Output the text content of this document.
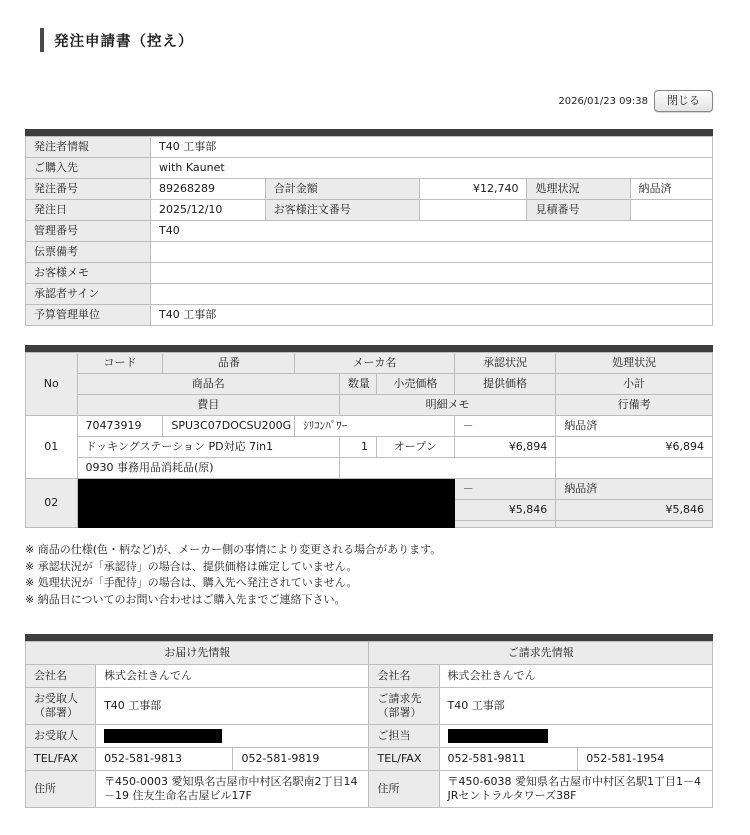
発注申請書（控え）
2026/01/23 09:38	閉じる
発注者情報	T40 工事部				
ご購入先	with Kaunet				
発注番号	89268289	合計金額	¥12,740	処理状況	納品済
発注日	2025/12/10	お客様注文番号		見積番号	
管理番号	T40				
伝票備考					
お客様メモ					
承認者サイン					
予算管理単位	T40 工事部				
No	コード	品番	メーカ名			承認状況	処理状況
	商品名			数量	小売価格	提供価格	小計
	費目			明細メモ			行備考
01	70473919	SPU3C07DOCSU200G	ｼﾘｺﾝﾊﾟﾜｰ			－	納品済
	ドッキングステーション PD対応 7in1			1	オープン	¥6,894	¥6,894
	0930 事務用品消耗品(原)						
02						－	納品済
						¥5,846	¥5,846

※ 商品の仕様(色・柄など)が、メーカー側の事情により変更される場合があります。
※ 承認状況が「承認待」の場合は、提供価格は確定していません。
※ 処理状況が「手配待」の場合は、購入先へ発注されていません。
※ 納品日についてのお問い合わせはご購入先までご連絡下さい。
お届け先情報			ご請求先情報		
会社名	株式会社きんでん		会社名	株式会社きんでん	
お受取人 （部署）	T40 工事部		ご請求先 （部署）	T40 工事部	
お受取人			ご担当		
TEL/FAX	052-581-9813	052-581-9819	TEL/FAX	052-581-9811	052-581-1954
住所	〒450-0003 愛知県名古屋市中村区名駅南2丁目14－19 住友生命名古屋ビル17F		住所	〒450-6038 愛知県名古屋市中村区名駅1丁目1－4　JRセントラルタワーズ38F	
